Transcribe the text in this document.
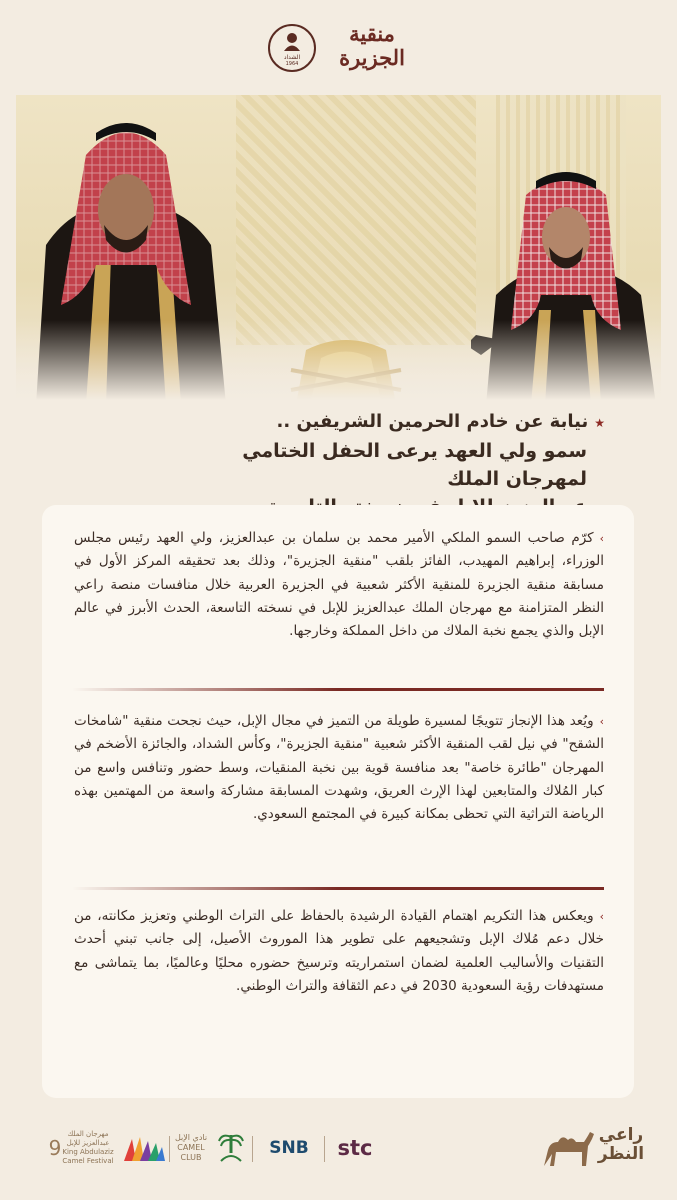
الشداد
1964
منقية الجزيرة
★نيابة عن خادم الحرمين الشريفين ..
سمو ولي العهد يرعى الحفل الختامي لمهرجان الملك
›كرّم صاحب السمو الملكي الأمير محمد بن سلمان بن عبدالعزيز، ولي العهد رئيس مجلس الوزراء، إبراهيم المهيدب، الفائز بلقب "منقية الجزيرة"، وذلك بعد تحقيقه المركز الأول في مسابقة منقية الجزيرة للمنقية الأكثر شعبية في الجزيرة العربية خلال منافسات منصة راعي النظر المتزامنة مع مهرجان الملك عبدالعزيز للإبل في نسخته التاسعة، الحدث الأبرز في عالم الإبل والذي يجمع نخبة الملاك من داخل المملكة وخارجها.
›ويُعد هذا الإنجاز تتويجًا لمسيرة طويلة من التميز في مجال الإبل، حيث نجحت منقية "شامخات الشقح" في نيل لقب المنقية الأكثر شعبية "منقية الجزيرة"، وكأس الشداد، والجائزة الأضخم في المهرجان "طائرة خاصة" بعد منافسة قوية بين نخبة المنقيات، وسط حضور وتنافس واسع من كبار المُلاك والمتابعين لهذا الإرث العريق، وشهدت المسابقة مشاركة واسعة من المهتمين بهذه الرياضة التراثية التي تحظى بمكانة كبيرة في المجتمع السعودي.
›ويعكس هذا التكريم اهتمام القيادة الرشيدة بالحفاظ على التراث الوطني وتعزيز مكانته، من خلال دعم مُلاك الإبل وتشجيعهم على تطوير هذا الموروث الأصيل، إلى جانب تبني أحدث التقنيات والأساليب العلمية لضمان استمراريته وترسيخ حضوره محليًا وعالميًا، بما يتماشى مع مستهدفات رؤية السعودية 2030 في دعم الثقافة والتراث الوطني.
9
مهرجان الملك عبدالعزيز للإبل
King Abdulaziz Camel Festival
نادي الإبل
CAMEL CLUB	SNB stc
راعي
النظر
